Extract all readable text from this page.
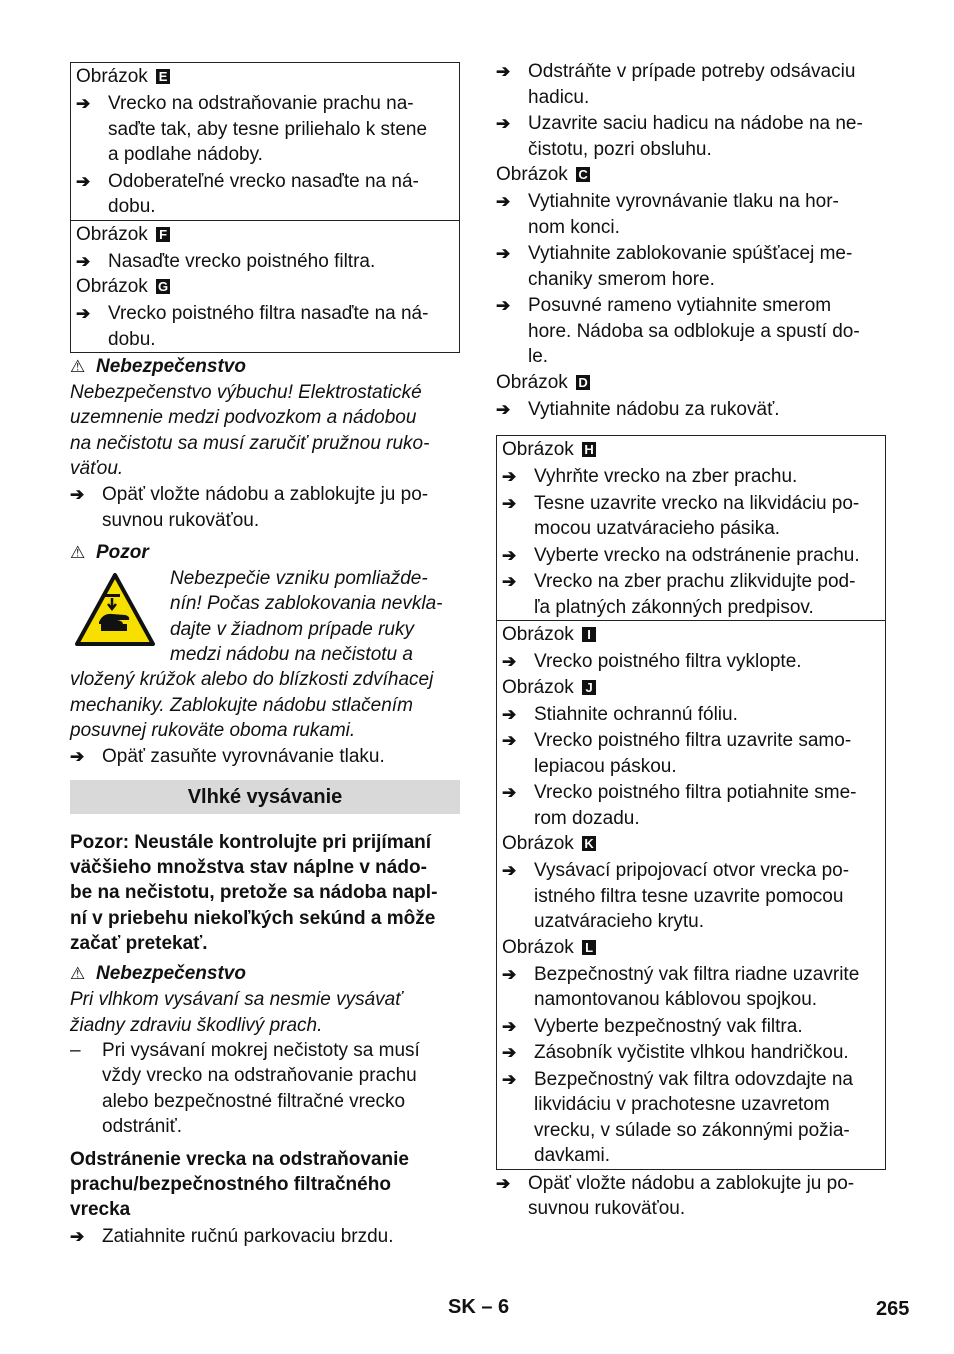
Obrázok E
➔ Vrecko na odstraňovanie prachu na-
saďte tak, aby tesne priliehalo k stene
a podlahe nádoby.
➔ Odoberateľné vrecko nasaďte na ná-
dobu.
Obrázok F
➔ Nasaďte vrecko poistného filtra.
Obrázok G
➔ Vrecko poistného filtra nasaďte na ná-
dobu.
⚠ Nebezpečenstvo
Nebezpečenstvo výbuchu! Elektrostatické
uzemnenie medzi podvozkom a nádobou
na nečistotu sa musí zaručiť pružnou ruko-
väťou.
➔ Opäť vložte nádobu a zablokujte ju po-
suvnou rukoväťou.
⚠ Pozor
Nebezpečie vzniku pomliažde-
nín! Počas zablokovania nevkla-
dajte v žiadnom prípade ruky
medzi nádobu na nečistotu a
vložený krúžok alebo do blízkosti zdvíhacej
mechaniky. Zablokujte nádobu stlačením
posuvnej rukoväte oboma rukami.
➔ Opäť zasuňte vyrovnávanie tlaku.
Vlhké vysávanie
Pozor: Neustále kontrolujte pri prijímaní
väčšieho množstva stav náplne v nádo-
be na nečistotu, pretože sa nádoba napl-
ní v priebehu niekoľkých sekúnd a môže
začať pretekať.
⚠ Nebezpečenstvo
Pri vlhkom vysávaní sa nesmie vysávať
žiadny zdraviu škodlivý prach.
–	Pri vysávaní mokrej nečistoty sa musí
vždy vrecko na odstraňovanie prachu
alebo bezpečnostné filtračné vrecko
odstrániť.
Odstránenie vrecka na odstraňovanie
prachu/bezpečnostného filtračného
vrecka
➔ Zatiahnite ručnú parkovaciu brzdu.
➔ Odstráňte v prípade potreby odsávaciu
hadicu.
➔ Uzavrite saciu hadicu na nádobe na ne-
čistotu, pozri obsluhu.
Obrázok C
➔ Vytiahnite vyrovnávanie tlaku na hor-
nom konci.
➔ Vytiahnite zablokovanie spúšťacej me-
chaniky smerom hore.
➔ Posuvné rameno vytiahnite smerom
hore. Nádoba sa odblokuje a spustí do-
le.
Obrázok D
➔ Vytiahnite nádobu za rukoväť.
Obrázok H
➔ Vyhrňte vrecko na zber prachu.
➔ Tesne uzavrite vrecko na likvidáciu po-
mocou uzatváracieho pásika.
➔ Vyberte vrecko na odstránenie prachu.
➔ Vrecko na zber prachu zlikvidujte pod-
ľa platných zákonných predpisov.
Obrázok I
➔ Vrecko poistného filtra vyklopte.
Obrázok J
➔ Stiahnite ochrannú fóliu.
➔ Vrecko poistného filtra uzavrite samo-
lepiacou páskou.
➔ Vrecko poistného filtra potiahnite sme-
rom dozadu.
Obrázok K
➔ Vysávací pripojovací otvor vrecka po-
istného filtra tesne uzavrite pomocou
uzatváracieho krytu.
Obrázok L
➔ Bezpečnostný vak filtra riadne uzavrite
namontovanou káblovou spojkou.
➔ Vyberte bezpečnostný vak filtra.
➔ Zásobník vyčistite vlhkou handričkou.
➔ Bezpečnostný vak filtra odovzdajte na
likvidáciu v prachotesne uzavretom
vrecku, v súlade so zákonnými požia-
davkami.
➔ Opäť vložte nádobu a zablokujte ju po-
suvnou rukoväťou.
SK – 6	265
